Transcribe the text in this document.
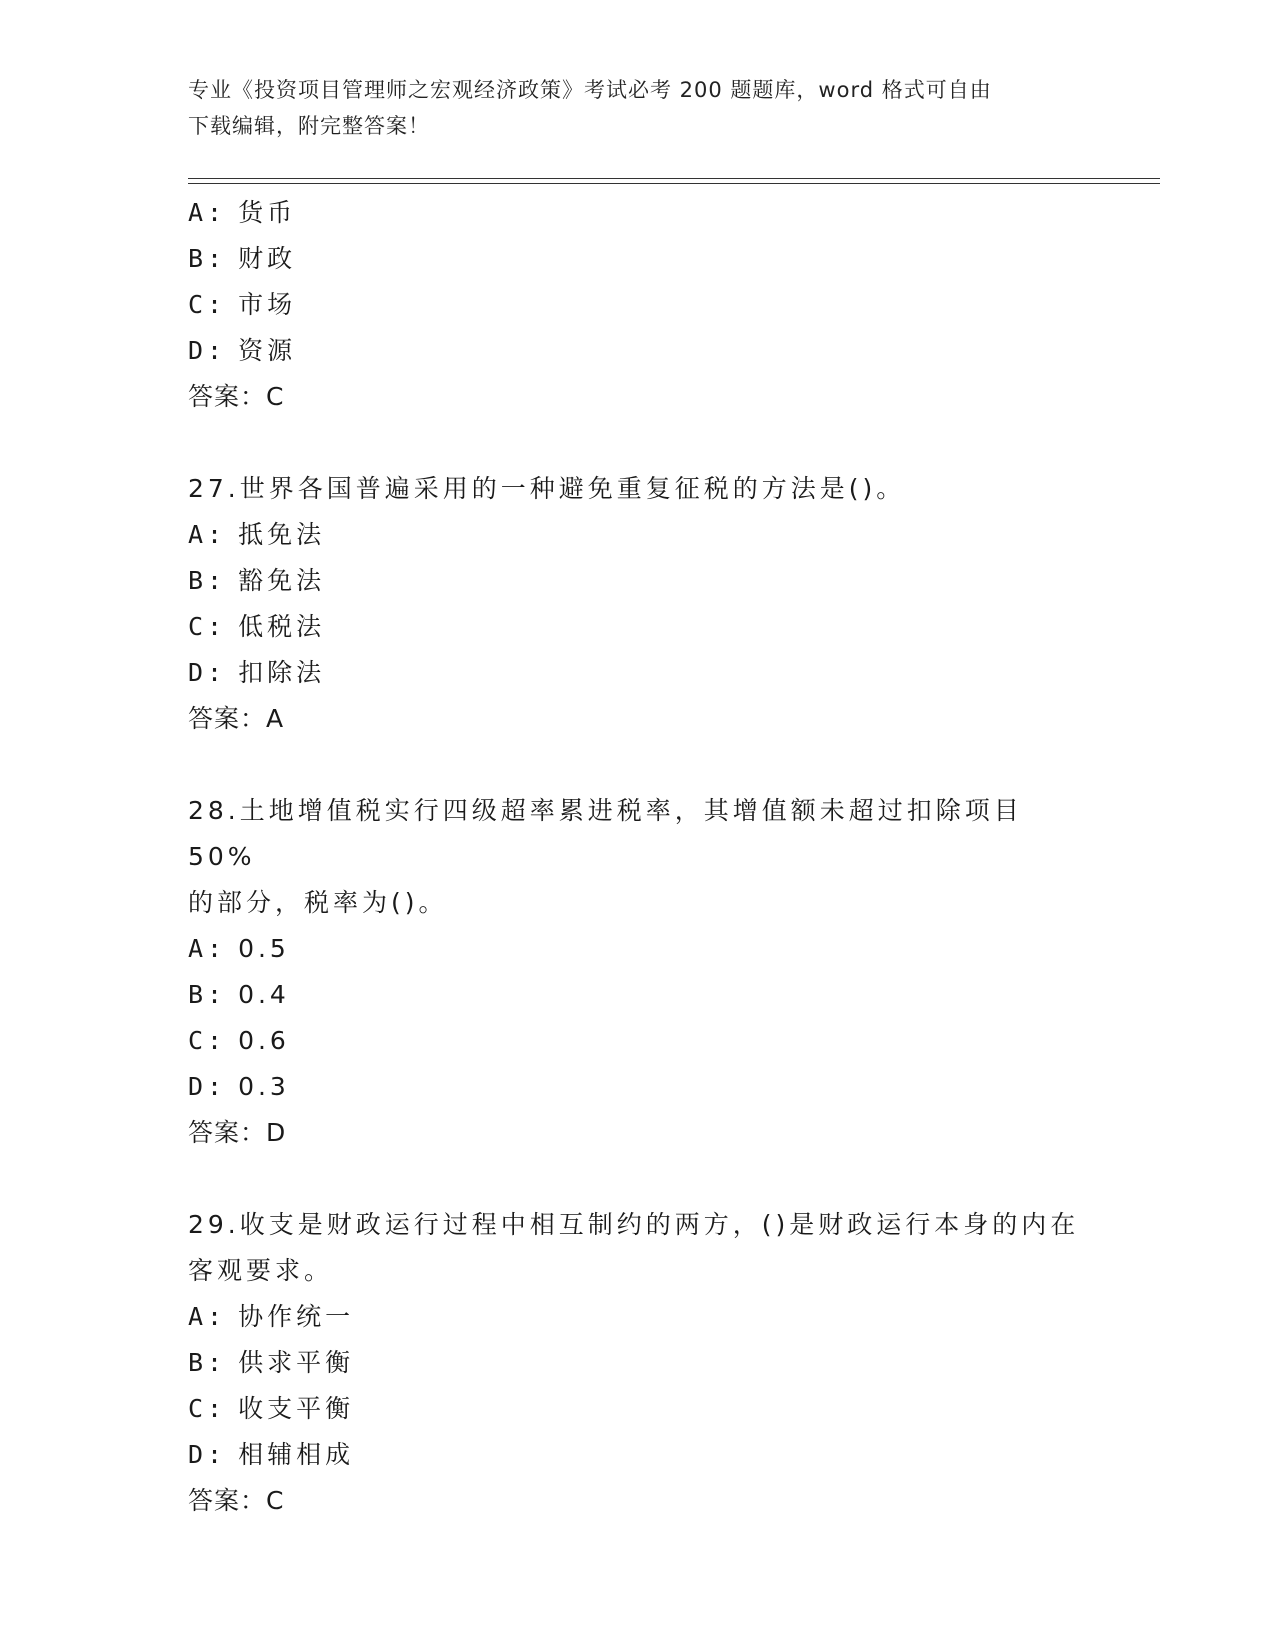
专业《投资项目管理师之宏观经济政策》考试必考 200 题题库，word 格式可自由
下载编辑，附完整答案！
A: 货币
B: 财政
C: 市场
D: 资源
答案：C
27.世界各国普遍采用的一种避免重复征税的方法是()。
A: 抵免法
B: 豁免法
C: 低税法
D: 扣除法
答案：A
28.土地增值税实行四级超率累进税率，其增值额未超过扣除项目 50%
的部分，税率为()。
A: 0.5
B: 0.4
C: 0.6
D: 0.3
答案：D
29.收支是财政运行过程中相互制约的两方，()是财政运行本身的内在
客观要求。
A: 协作统一
B: 供求平衡
C: 收支平衡
D: 相辅相成
答案：C
